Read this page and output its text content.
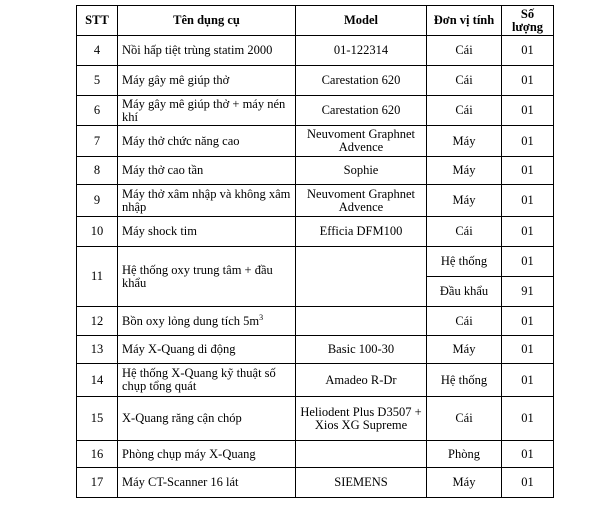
STT	Tên dụng cụ	Model	Đơn vị tính	Số lượng
4	Nồi hấp tiệt trùng statim 2000	01-122314	Cái	01
5	Máy gây mê giúp thở	Carestation 620	Cái	01
6	Máy gây mê giúp thở + máy nén khí	Carestation 620	Cái	01
7	Máy thở chức năng cao	Neuvoment Graphnet Advence	Máy	01
8	Máy thở cao tần	Sophie	Máy	01
9	Máy thở xâm nhập và không xâm nhập	Neuvoment Graphnet Advence	Máy	01
10	Máy shock tim	Efficia DFM100	Cái	01
11	Hệ thống oxy trung tâm + đầu khẩu		Hệ thống	01
			Đầu khẩu	91
12	Bồn oxy lỏng dung tích $5m^3$		Cái	01
13	Máy X-Quang di động	Basic 100-30	Máy	01
14	Hệ thống X-Quang kỹ thuật số chụp tổng quát	Amadeo R-Dr	Hệ thống	01
15	X-Quang răng cận chóp	Heliodent Plus D3507 + Xios XG Supreme	Cái	01
16	Phòng chụp máy X-Quang		Phòng	01
17	Máy CT-Scanner 16 lát	SIEMENS	Máy	01
